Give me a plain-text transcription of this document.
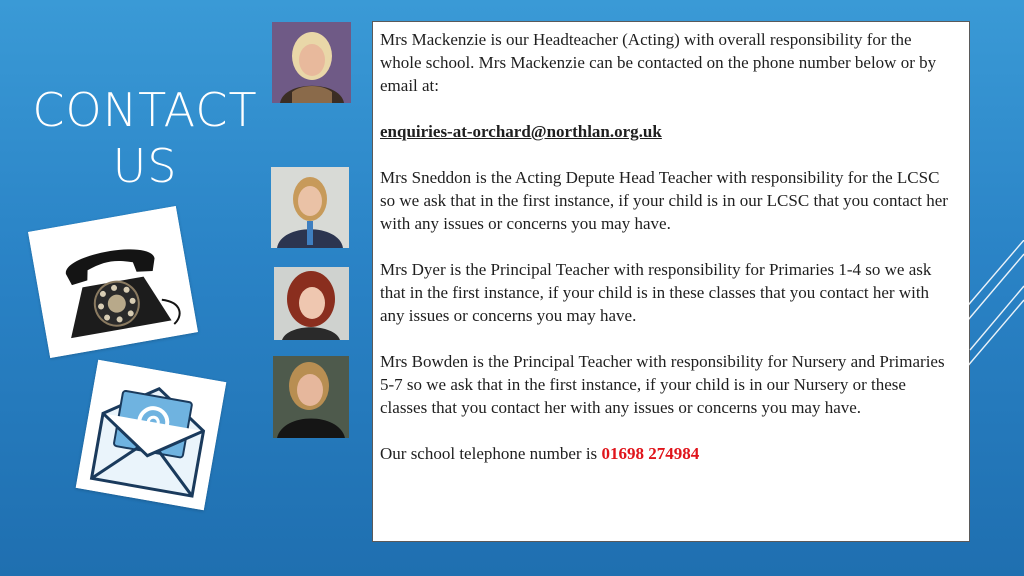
CONTACT
US

Mrs Mackenzie is our Headteacher (Acting) with overall responsibility for the whole school. Mrs Mackenzie can be contacted on the phone number below or by email at:

enquiries-at-orchard@northlan.org.uk

Mrs Sneddon is the Acting Depute Head Teacher with responsibility for the LCSC so we ask that in the first instance, if your child is in our LCSC that you contact her with any issues or concerns you may have.

Mrs Dyer is the Principal Teacher with responsibility for Primaries 1-4 so we ask that in the first instance, if your child is in these classes that you contact her with any issues or concerns you may have.

Mrs Bowden is the Principal Teacher with responsibility for Nursery and Primaries 5-7 so we ask that in the first instance, if your child is in our Nursery or these classes that you contact her with any issues or concerns you may have.

Our school telephone number is 01698 274984
